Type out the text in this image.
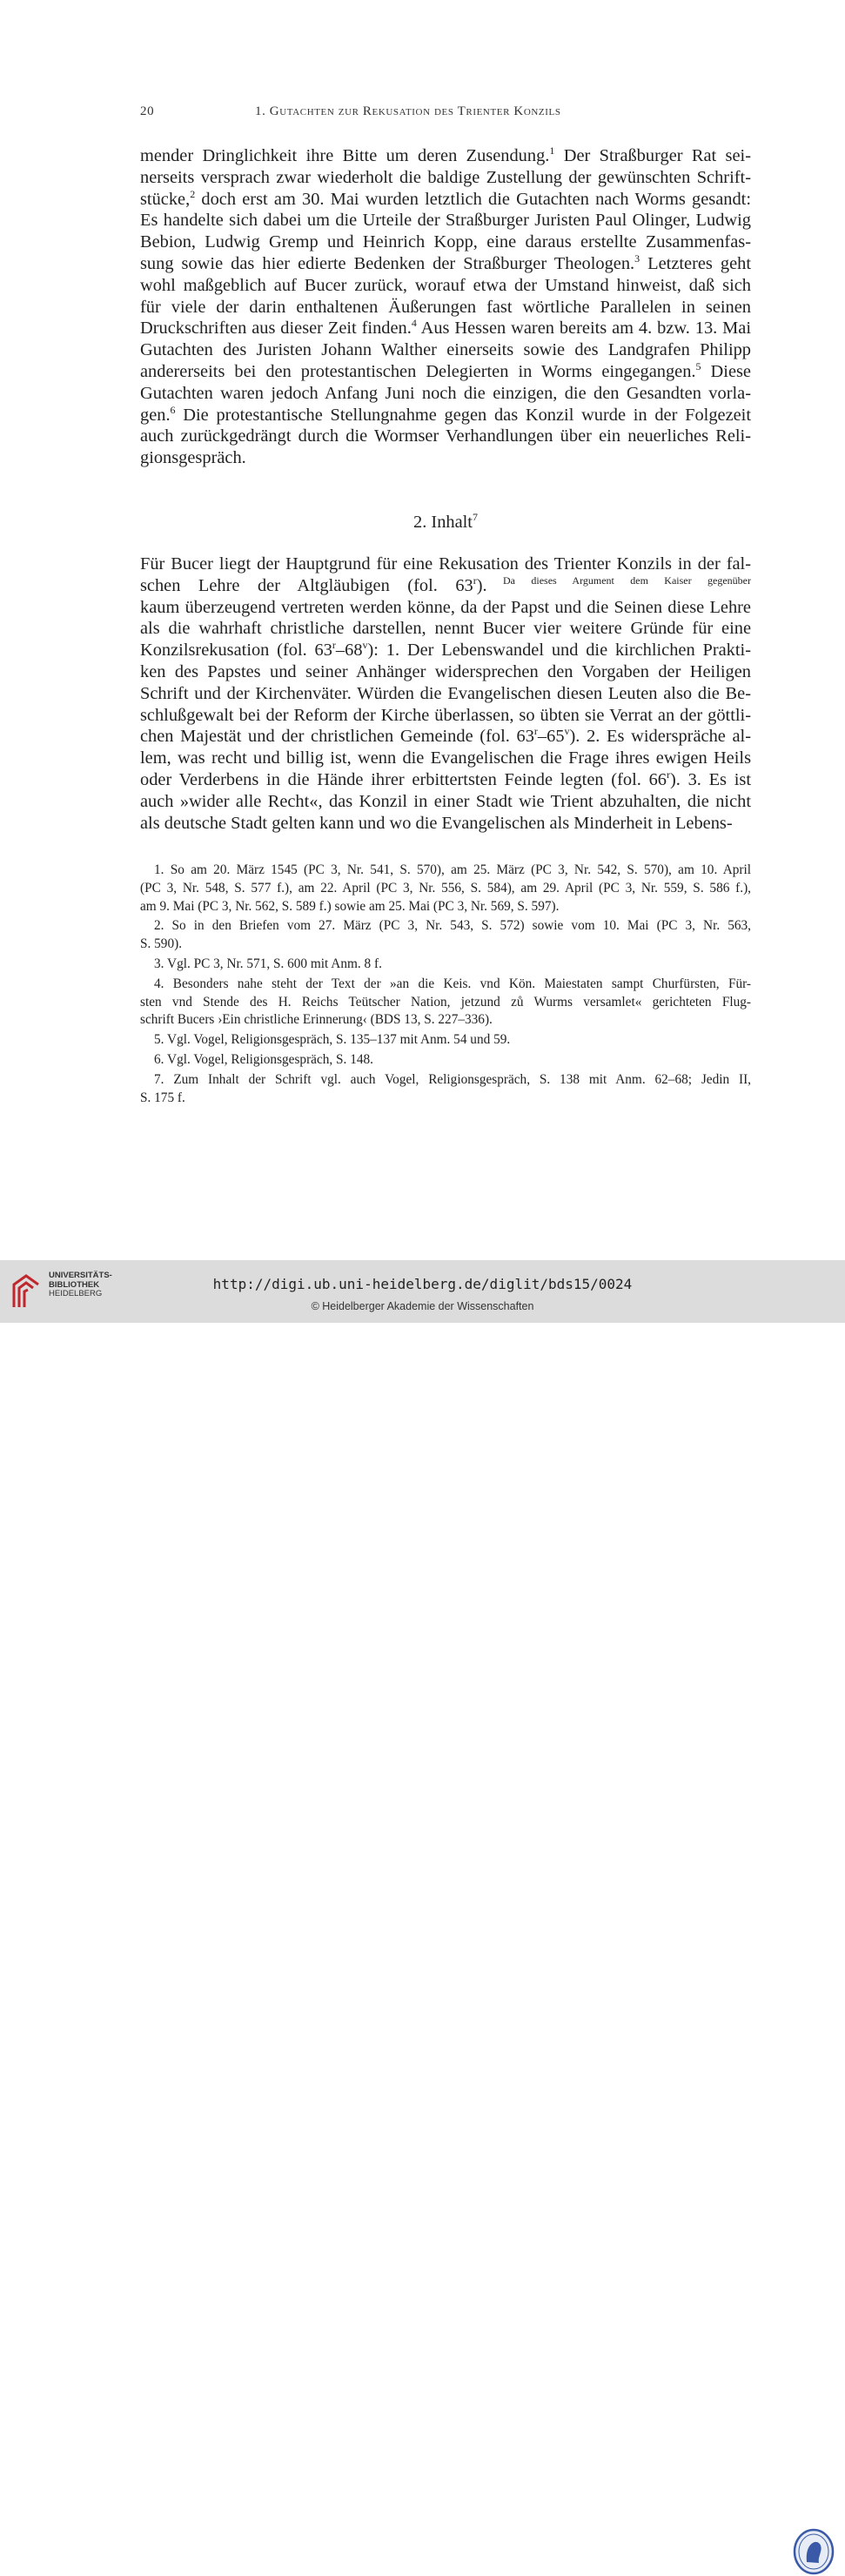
20	1. Gutachten zur Rekusation des Trienter Konzils

mender Dringlichkeit ihre Bitte um deren Zusendung.$^1$ Der Straßburger Rat sei-
nerseits versprach zwar wiederholt die baldige Zustellung der gewünschten Schrift-
stücke,$^2$ doch erst am 30. Mai wurden letztlich die Gutachten nach Worms gesandt:
Es handelte sich dabei um die Urteile der Straßburger Juristen Paul Olinger, Ludwig
Bebion, Ludwig Gremp und Heinrich Kopp, eine daraus erstellte Zusammenfas-
sung sowie das hier edierte Bedenken der Straßburger Theologen.$^3$ Letzteres geht
wohl maßgeblich auf Bucer zurück, worauf etwa der Umstand hinweist, daß sich
für viele der darin enthaltenen Äußerungen fast wörtliche Parallelen in seinen
Druckschriften aus dieser Zeit finden.$^4$ Aus Hessen waren bereits am 4. bzw. 13. Mai
Gutachten des Juristen Johann Walther einerseits sowie des Landgrafen Philipp
andererseits bei den protestantischen Delegierten in Worms eingegangen.$^5$ Diese
Gutachten waren jedoch Anfang Juni noch die einzigen, die den Gesandten vorla-
gen.$^6$ Die protestantische Stellungnahme gegen das Konzil wurde in der Folgezeit
auch zurückgedrängt durch die Wormser Verhandlungen über ein neuerliches Reli-
gionsgespräch.

2. Inhalt$^7$

Für Bucer liegt der Hauptgrund für eine Rekusation des Trienter Konzils in der fal-
schen Lehre der Altgläubigen (fol. 63$^r$). $^{Da dieses Argument dem Kaiser gegenüber}$
kaum überzeugend vertreten werden könne, da der Papst und die Seinen diese Lehre
als die wahrhaft christliche darstellen, nennt Bucer vier weitere Gründe für eine
Konzilsrekusation (fol. 63$^r$–68$^v$): 1. Der Lebenswandel und die kirchlichen Prakti-
ken des Papstes und seiner Anhänger widersprechen den Vorgaben der Heiligen
Schrift und der Kirchenväter. Würden die Evangelischen diesen Leuten also die Be-
schlußgewalt bei der Reform der Kirche überlassen, so übten sie Verrat an der göttli-
chen Majestät und der christlichen Gemeinde (fol. 63$^r$–65$^v$). 2. Es widerspräche al-
lem, was recht und billig ist, wenn die Evangelischen die Frage ihres ewigen Heils
oder Verderbens in die Hände ihrer erbittertsten Feinde legten (fol. 66$^r$). 3. Es ist
auch »wider alle Recht«, das Konzil in einer Stadt wie Trient abzuhalten, die nicht
als deutsche Stadt gelten kann und wo die Evangelischen als Minderheit in Lebens-

1. So am 20. März 1545 (PC 3, Nr. 541, S. 570), am 25. März (PC 3, Nr. 542, S. 570), am 10. April
(PC 3, Nr. 548, S. 577 f.), am 22. April (PC 3, Nr. 556, S. 584), am 29. April (PC 3, Nr. 559, S. 586 f.),
am 9. Mai (PC 3, Nr. 562, S. 589 f.) sowie am 25. Mai (PC 3, Nr. 569, S. 597).
2. So in den Briefen vom 27. März (PC 3, Nr. 543, S. 572) sowie vom 10. Mai (PC 3, Nr. 563,
S. 590).
3. Vgl. PC 3, Nr. 571, S. 600 mit Anm. 8 f.
4. Besonders nahe steht der Text der »an die Keis. vnd Kön. Maiestaten sampt Churfürsten, Für-
sten vnd Stende des H. Reichs Teütscher Nation, jetzund zů Wurms versamlet« gerichteten Flug-
schrift Bucers ›Ein christliche Erinnerung‹ (BDS 13, S. 227–336).
5. Vgl. Vogel, Religionsgespräch, S. 135–137 mit Anm. 54 und 59.
6. Vgl. Vogel, Religionsgespräch, S. 148.
7. Zum Inhalt der Schrift vgl. auch Vogel, Religionsgespräch, S. 138 mit Anm. 62–68; Jedin II,
S. 175 f.
UNIVERSITÄTS-
BIBLIOTHEK
HEIDELBERG
http://digi.ub.uni-heidelberg.de/diglit/bds15/0024
© Heidelberger Akademie der Wissenschaften
